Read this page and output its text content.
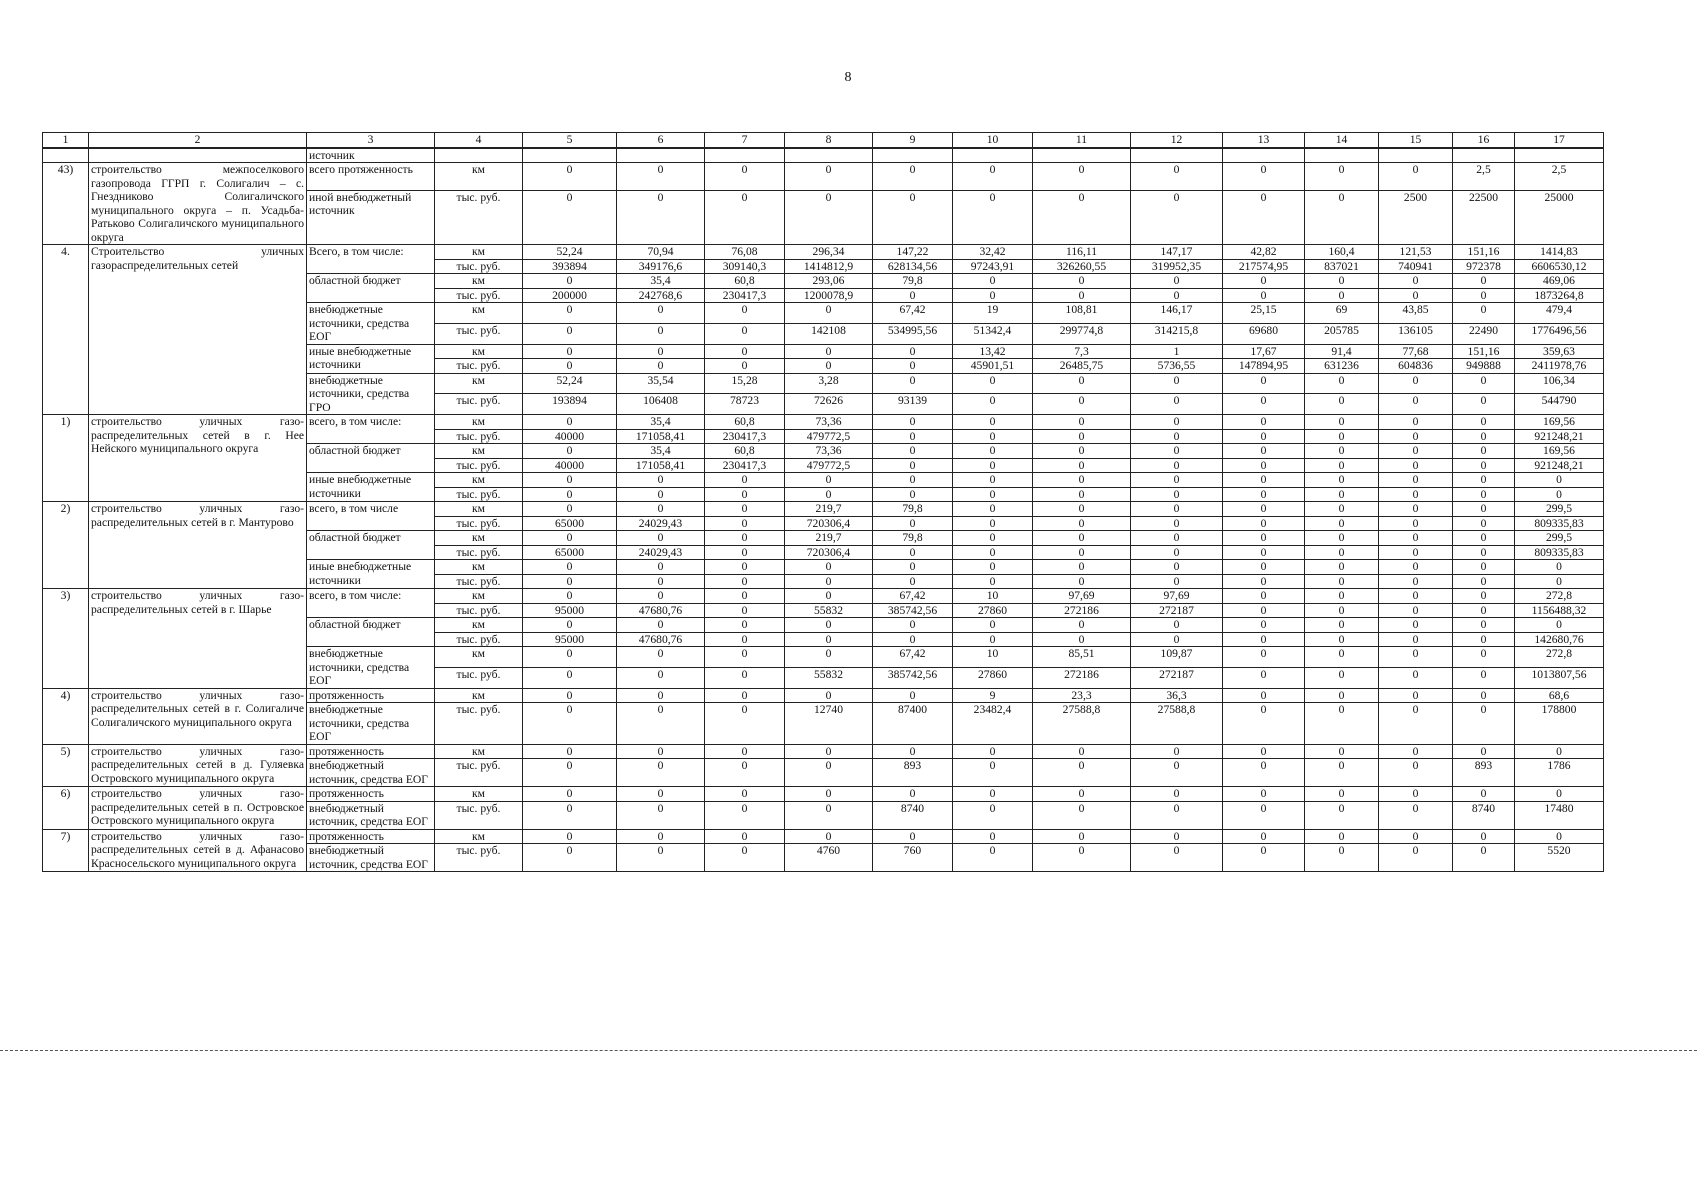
8
1	2	3	4	5	6	7	8	9	10	11	12	13	14	15	16	17
		источник														
43)	строительство межпоселкового газопровода ГГРП г. Солигалич – с. Гнездниково Солигаличского муниципального округа – п. Усадьба-Ратьково Солигаличского муниципального округа	всего протяженность	км	0	0	0	0	0	0	0	0	0	0	0	2,5	2,5
		иной внебюджетный источник	тыс. руб.	0	0	0	0	0	0	0	0	0	0	2500	22500	25000
4.	Строительство уличных газораспределительных сетей	Всего, в том числе:	км	52,24	70,94	76,08	296,34	147,22	32,42	116,11	147,17	42,82	160,4	121,53	151,16	1414,83
			тыс. руб.	393894	349176,6	309140,3	1414812,9	628134,56	97243,91	326260,55	319952,35	217574,95	837021	740941	972378	6606530,12
		областной бюджет	км	0	35,4	60,8	293,06	79,8	0	0	0	0	0	0	0	469,06
			тыс. руб.	200000	242768,6	230417,3	1200078,9	0	0	0	0	0	0	0	0	1873264,8
		внебюджетные источники, средства ЕОГ	км	0	0	0	0	67,42	19	108,81	146,17	25,15	69	43,85	0	479,4
			тыс. руб.	0	0	0	142108	534995,56	51342,4	299774,8	314215,8	69680	205785	136105	22490	1776496,56
		иные внебюджетные источники	км	0	0	0	0	0	13,42	7,3	1	17,67	91,4	77,68	151,16	359,63
			тыс. руб.	0	0	0	0	0	45901,51	26485,75	5736,55	147894,95	631236	604836	949888	2411978,76
		внебюджетные источники, средства ГРО	км	52,24	35,54	15,28	3,28	0	0	0	0	0	0	0	0	106,34
			тыс. руб.	193894	106408	78723	72626	93139	0	0	0	0	0	0	0	544790
1)	строительство уличных газо-распределительных сетей в г. Нее Нейского муниципального округа	всего, в том числе:	км	0	35,4	60,8	73,36	0	0	0	0	0	0	0	0	169,56
			тыс. руб.	40000	171058,41	230417,3	479772,5	0	0	0	0	0	0	0	0	921248,21
		областной бюджет	км	0	35,4	60,8	73,36	0	0	0	0	0	0	0	0	169,56
			тыс. руб.	40000	171058,41	230417,3	479772,5	0	0	0	0	0	0	0	0	921248,21
		иные внебюджетные источники	км	0	0	0	0	0	0	0	0	0	0	0	0	0
			тыс. руб.	0	0	0	0	0	0	0	0	0	0	0	0	0
2)	строительство уличных газо-распределительных сетей в г. Мантурово	всего, в том числе	км	0	0	0	219,7	79,8	0	0	0	0	0	0	0	299,5
			тыс. руб.	65000	24029,43	0	720306,4	0	0	0	0	0	0	0	0	809335,83
		областной бюджет	км	0	0	0	219,7	79,8	0	0	0	0	0	0	0	299,5
			тыс. руб.	65000	24029,43	0	720306,4	0	0	0	0	0	0	0	0	809335,83
		иные внебюджетные источники	км	0	0	0	0	0	0	0	0	0	0	0	0	0
			тыс. руб.	0	0	0	0	0	0	0	0	0	0	0	0	0
3)	строительство уличных газо-распределительных сетей в г. Шарье	всего, в том числе:	км	0	0	0	0	67,42	10	97,69	97,69	0	0	0	0	272,8
			тыс. руб.	95000	47680,76	0	55832	385742,56	27860	272186	272187	0	0	0	0	1156488,32
		областной бюджет	км	0	0	0	0	0	0	0	0	0	0	0	0	0
			тыс. руб.	95000	47680,76	0	0	0	0	0	0	0	0	0	0	142680,76
		внебюджетные источники, средства ЕОГ	км	0	0	0	0	67,42	10	85,51	109,87	0	0	0	0	272,8
			тыс. руб.	0	0	0	55832	385742,56	27860	272186	272187	0	0	0	0	1013807,56
4)	строительство уличных газо-распределительных сетей в г. Солигаличе Солигаличского муниципального округа	протяженность	км	0	0	0	0	0	9	23,3	36,3	0	0	0	0	68,6
		внебюджетные источники, средства ЕОГ	тыс. руб.	0	0	0	12740	87400	23482,4	27588,8	27588,8	0	0	0	0	178800
5)	строительство уличных газо-распределительных сетей в д. Гуляевка Островского муниципального округа	протяженность	км	0	0	0	0	0	0	0	0	0	0	0	0	0
		внебюджетный источник, средства ЕОГ	тыс. руб.	0	0	0	0	893	0	0	0	0	0	0	893	1786
6)	строительство уличных газо-распределительных сетей в п. Островское Островского муниципального округа	протяженность	км	0	0	0	0	0	0	0	0	0	0	0	0	0
		внебюджетный источник, средства ЕОГ	тыс. руб.	0	0	0	0	8740	0	0	0	0	0	0	8740	17480
7)	строительство уличных газо-распределительных сетей в д. Афанасово Красносельского муниципального округа	протяженность	км	0	0	0	0	0	0	0	0	0	0	0	0	0
		внебюджетный источник, средства ЕОГ	тыс. руб.	0	0	0	4760	760	0	0	0	0	0	0	0	5520
